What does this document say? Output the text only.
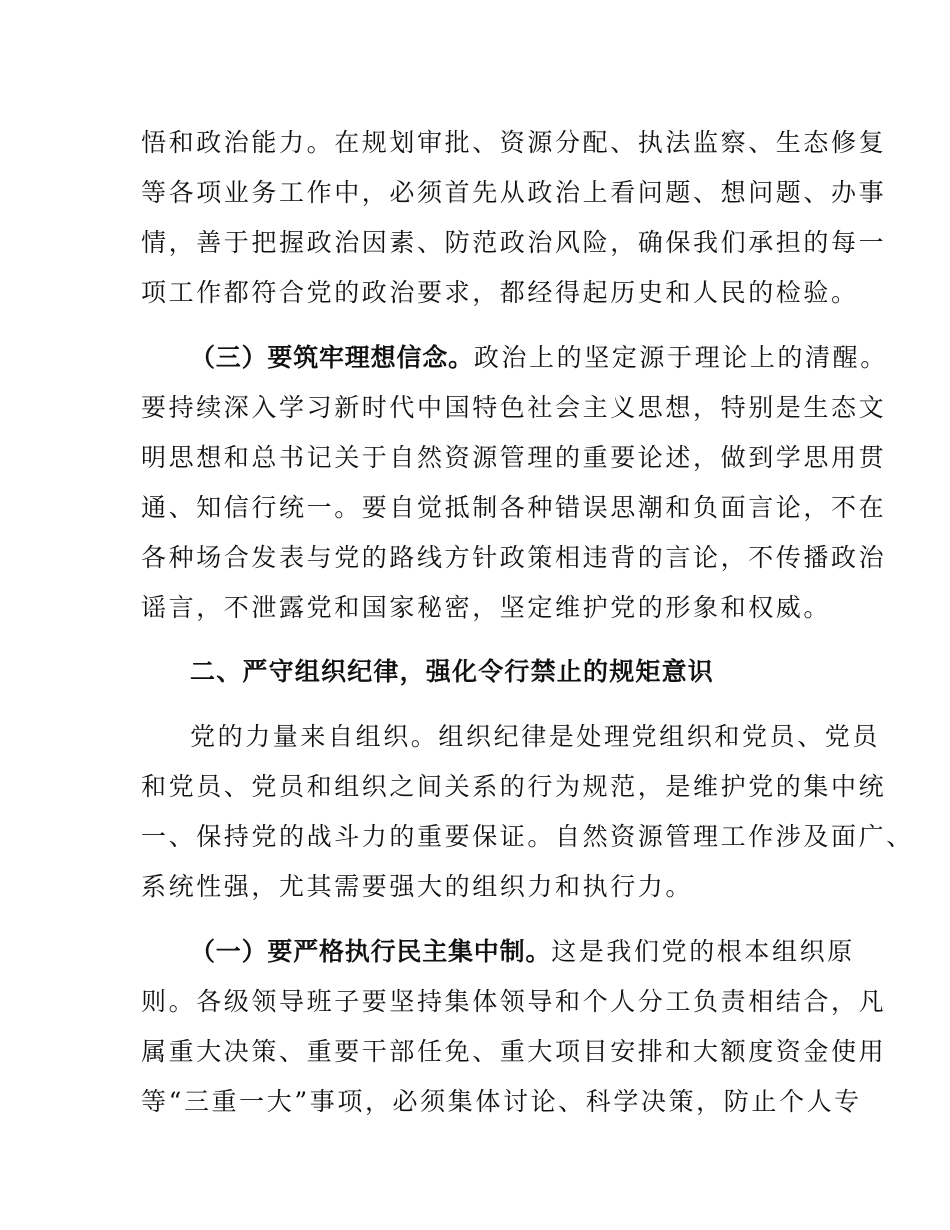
悟和政治能力。在规划审批、资源分配、执法监察、生态修复
等各项业务工作中，必须首先从政治上看问题、想问题、办事
情，善于把握政治因素、防范政治风险，确保我们承担的每一
项工作都符合党的政治要求，都经得起历史和人民的检验。
（三）要筑牢理想信念。政治上的坚定源于理论上的清醒。
要持续深入学习新时代中国特色社会主义思想，特别是生态文
明思想和总书记关于自然资源管理的重要论述，做到学思用贯
通、知信行统一。要自觉抵制各种错误思潮和负面言论，不在
各种场合发表与党的路线方针政策相违背的言论，不传播政治
谣言，不泄露党和国家秘密，坚定维护党的形象和权威。
二、严守组织纪律，强化令行禁止的规矩意识
党的力量来自组织。组织纪律是处理党组织和党员、党员
和党员、党员和组织之间关系的行为规范，是维护党的集中统
一、保持党的战斗力的重要保证。自然资源管理工作涉及面广、
系统性强，尤其需要强大的组织力和执行力。
（一）要严格执行民主集中制。这是我们党的根本组织原
则。各级领导班子要坚持集体领导和个人分工负责相结合，凡
属重大决策、重要干部任免、重大项目安排和大额度资金使用
等“三重一大”事项，必须集体讨论、科学决策，防止个人专
